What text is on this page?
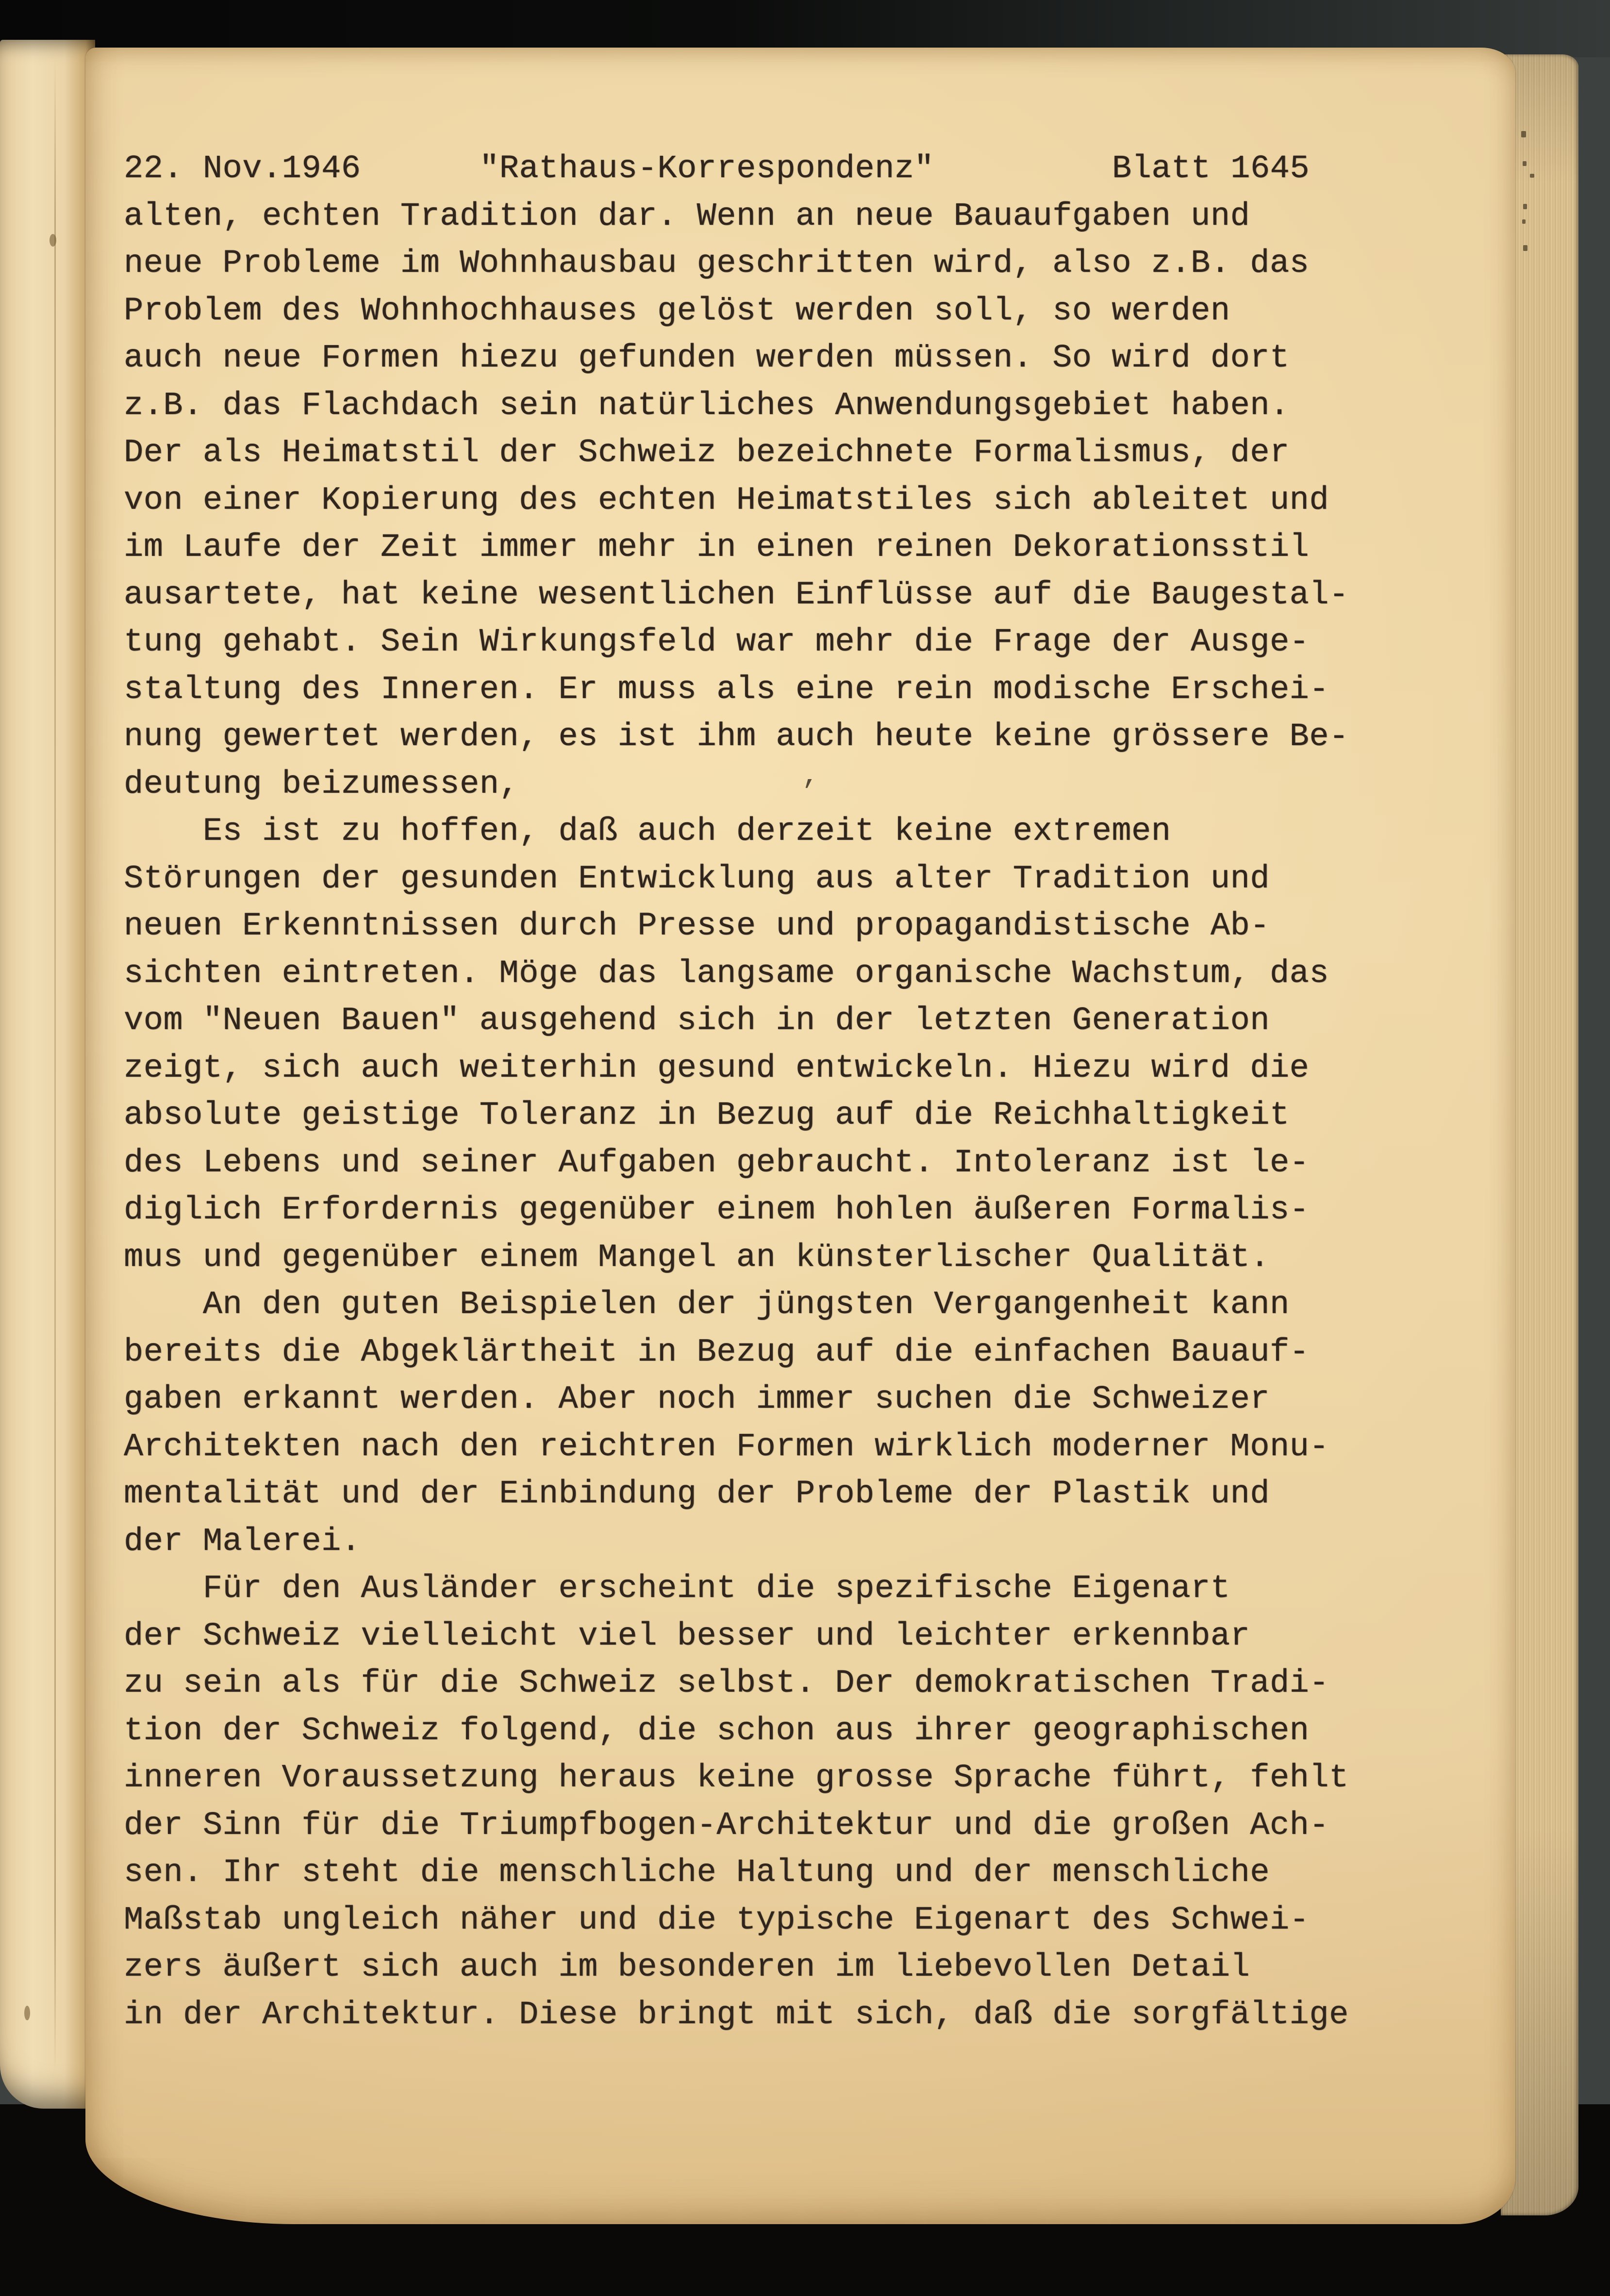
22. Nov.1946

	"Rathaus-Korrespondenz"

	Blatt 1645

alten, echten Tradition dar. Wenn an neue Bauaufgaben und
neue Probleme im Wohnhausbau geschritten wird, also z.B. das
Problem des Wohnhochhauses gelöst werden soll, so werden
auch neue Formen hiezu gefunden werden müssen. So wird dort
z.B. das Flachdach sein natürliches Anwendungsgebiet haben.
Der als Heimatstil der Schweiz bezeichnete Formalismus, der
von einer Kopierung des echten Heimatstiles sich ableitet und
im Laufe der Zeit immer mehr in einen reinen Dekorationsstil
ausartete, hat keine wesentlichen Einflüsse auf die Baugestal-
tung gehabt. Sein Wirkungsfeld war mehr die Frage der Ausge-
staltung des Inneren. Er muss als eine rein modische Erschei-
nung gewertet werden, es ist ihm auch heute keine grössere Be-
deutung beizumessen,
Es ist zu hoffen, daß auch derzeit keine extremen
Störungen der gesunden Entwicklung aus alter Tradition und
neuen Erkenntnissen durch Presse und propagandistische Ab-
sichten eintreten. Möge das langsame organische Wachstum, das
vom "Neuen Bauen" ausgehend sich in der letzten Generation
zeigt, sich auch weiterhin gesund entwickeln. Hiezu wird die
absolute geistige Toleranz in Bezug auf die Reichhaltigkeit
des Lebens und seiner Aufgaben gebraucht. Intoleranz ist le-
diglich Erfordernis gegenüber einem hohlen äußeren Formalis-
mus und gegenüber einem Mangel an künsterlischer Qualität.
An den guten Beispielen der jüngsten Vergangenheit kann
bereits die Abgeklärtheit in Bezug auf die einfachen Bauauf-
gaben erkannt werden. Aber noch immer suchen die Schweizer
Architekten nach den reichtren Formen wirklich moderner Monu-
mentalität und der Einbindung der Probleme der Plastik und
der Malerei.
Für den Ausländer erscheint die spezifische Eigenart
der Schweiz vielleicht viel besser und leichter erkennbar
zu sein als für die Schweiz selbst. Der demokratischen Tradi-
tion der Schweiz folgend, die schon aus ihrer geographischen
inneren Voraussetzung heraus keine grosse Sprache führt, fehlt
der Sinn für die Triumpfbogen-Architektur und die großen Ach-
sen. Ihr steht die menschliche Haltung und der menschliche
Maßstab ungleich näher und die typische Eigenart des Schwei-
zers äußert sich auch im besonderen im liebevollen Detail
in der Architektur. Diese bringt mit sich, daß die sorgfältige
’
